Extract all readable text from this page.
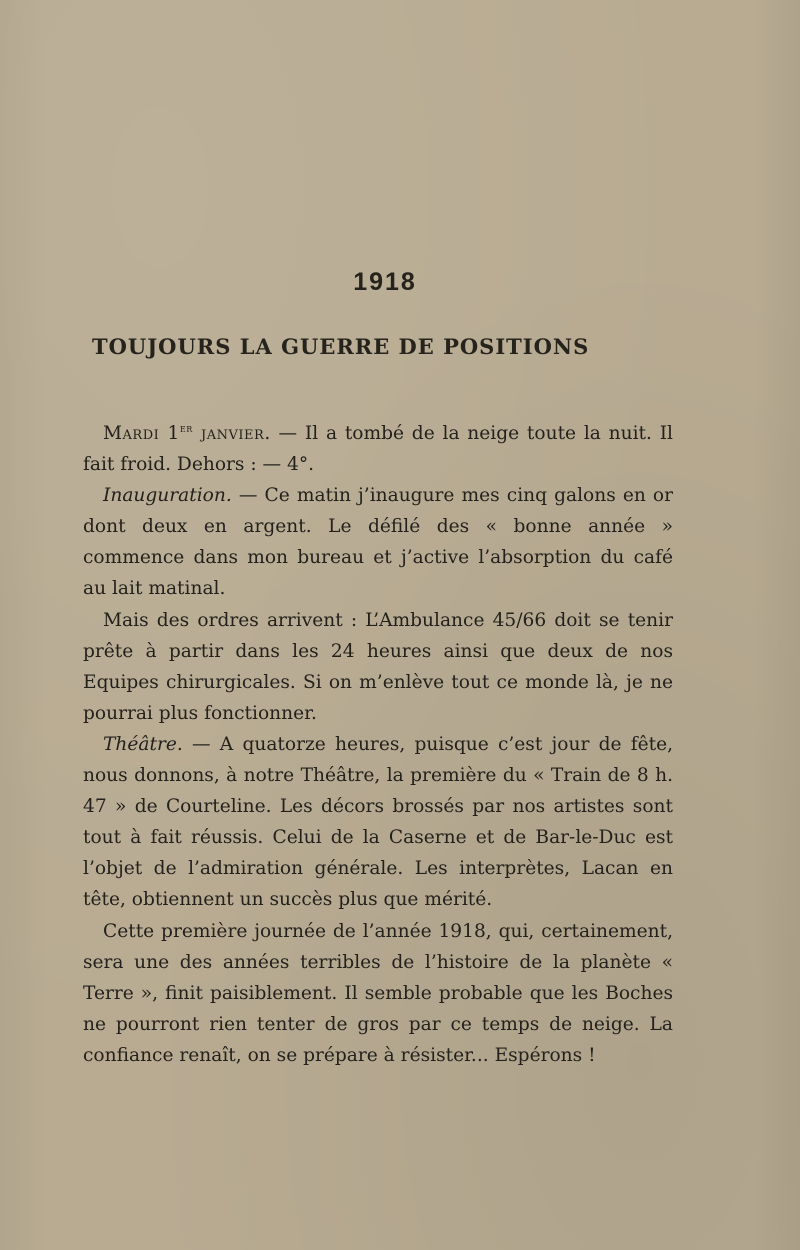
1918
TOUJOURS LA GUERRE DE POSITIONS

Mardi 1er janvier. — Il a tombé de la neige toute la nuit. Il fait froid. Dehors : — 4°.

Inauguration. — Ce matin j’inaugure mes cinq galons en or dont deux en argent. Le défilé des « bonne année » commence dans mon bureau et j’active l’absorption du café au lait matinal.

Mais des ordres arrivent : L’Ambulance 45/66 doit se tenir prête à partir dans les 24 heures ainsi que deux de nos Equipes chirurgicales. Si on m’enlève tout ce monde là, je ne pourrai plus fonctionner.

Théâtre. — A quatorze heures, puisque c’est jour de fête, nous donnons, à notre Théâtre, la première du « Train de 8 h. 47 » de Courteline. Les décors brossés par nos artistes sont tout à fait réussis. Celui de la Caserne et de Bar-le-Duc est l’objet de l’admiration générale. Les interprètes, Lacan en tête, obtiennent un succès plus que mérité.

Cette première journée de l’année 1918, qui, certainement, sera une des années terribles de l’histoire de la planète « Terre », finit paisiblement. Il semble probable que les Boches ne pourront rien tenter de gros par ce temps de neige. La confiance renaît, on se prépare à résister... Espérons !
